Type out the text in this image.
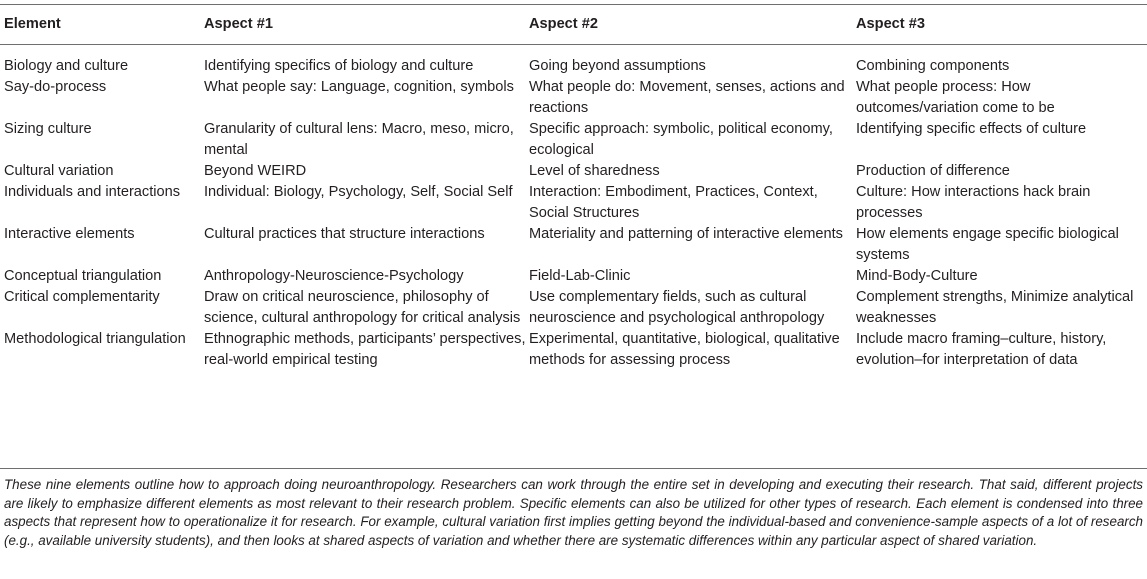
Element	Aspect #1	Aspect #2	Aspect #3
Biology and culture	Identifying specifics of biology and culture	Going beyond assumptions	Combining components
Say-do-process	What people say: Language, cognition, symbols	What people do: Movement, senses, actions and reactions	What people process: How outcomes/variation come to be
Sizing culture	Granularity of cultural lens: Macro, meso, micro, mental	Specific approach: symbolic, political economy, ecological	Identifying specific effects of culture
Cultural variation	Beyond WEIRD	Level of sharedness	Production of difference
Individuals and interactions	Individual: Biology, Psychology, Self, Social Self	Interaction: Embodiment, Practices, Context, Social Structures	Culture: How interactions hack brain processes
Interactive elements	Cultural practices that structure interactions	Materiality and patterning of interactive elements	How elements engage specific biological systems
Conceptual triangulation	Anthropology-Neuroscience-Psychology	Field-Lab-Clinic	Mind-Body-Culture
Critical complementarity	Draw on critical neuroscience, philosophy of science, cultural anthropology for critical analysis	Use complementary fields, such as cultural neuroscience and psychological anthropology	Complement strengths, Minimize analytical weaknesses
Methodological triangulation	Ethnographic methods, participants’ perspectives, real-world empirical testing	Experimental, quantitative, biological, qualitative methods for assessing process	Include macro framing–culture, history, evolution–for interpretation of data
These nine elements outline how to approach doing neuroanthropology. Researchers can work through the entire set in developing and executing their research. That said, different projects are likely to emphasize different elements as most relevant to their research problem. Specific elements can also be utilized for other types of research. Each element is condensed into three aspects that represent how to operationalize it for research. For example, cultural variation first implies getting beyond the individual-based and convenience-sample aspects of a lot of research (e.g., available university students), and then looks at shared aspects of variation and whether there are systematic differences within any particular aspect of shared variation.
